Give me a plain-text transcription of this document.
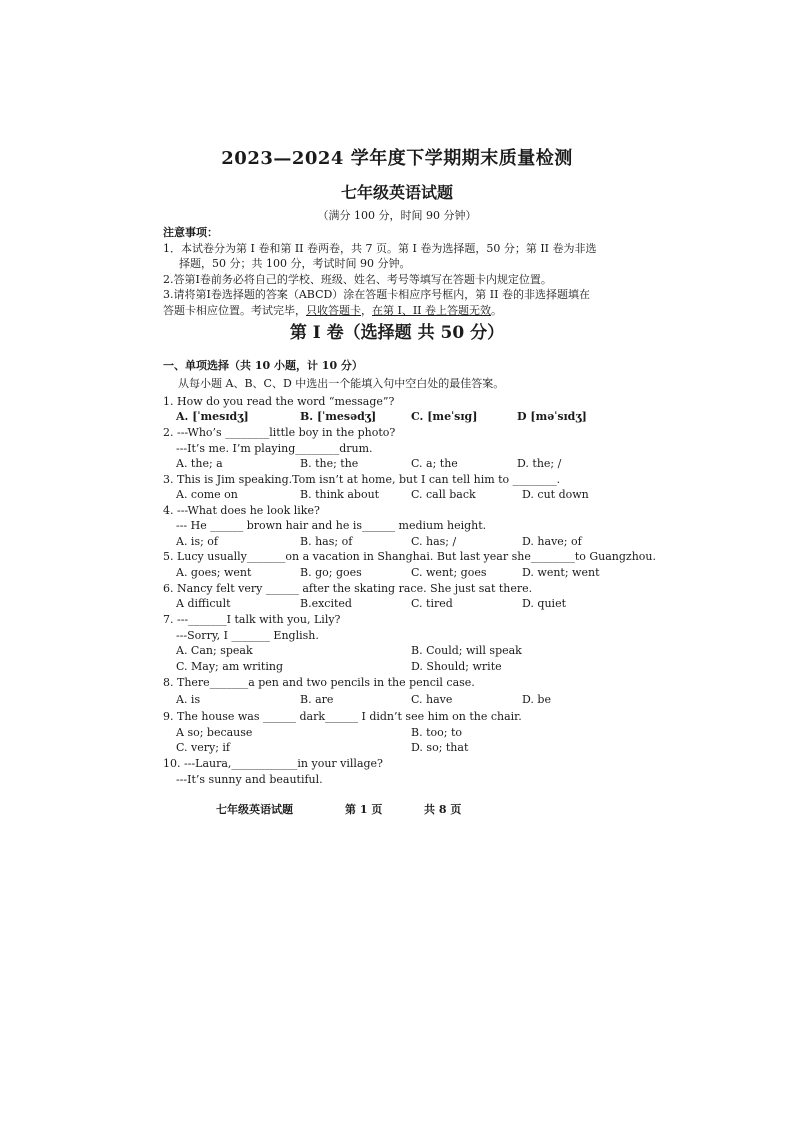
2023—2024 学年度下学期期末质量检测
七年级英语试题
（满分 100 分，时间 90 分钟）
注意事项：
1．本试卷分为第 I 卷和第 II 卷两卷，共 7 页。第 I 卷为选择题，50 分；第 II 卷为非选
择题，50 分；共 100 分，考试时间 90 分钟。
2.答第I卷前务必将自己的学校、班级、姓名、考号等填写在答题卡内规定位置。
3.请将第I卷选择题的答案（ABCD）涂在答题卡相应序号框内，第 II 卷的非选择题填在
答题卡相应位置。考试完毕，只收答题卡，在第 I、II 卷上答题无效。
第 I 卷（选择题 共 50 分）
一、单项选择（共 10 小题，计 10 分）
从每小题 A、B、C、D 中选出一个能填入句中空白处的最佳答案。
1. How do you read the word “message”?
A. [ˈmesɪdʒ]	B. [ˈmesədʒ]	C. [meˈsɪɡ]	D [məˈsɪdʒ]
2. ---Who’s ________little boy in the photo?
---It’s me. I’m playing________drum.
A. the; a	B. the; the	C. a; the	D. the; /
3. This is Jim speaking.Tom isn’t at home, but I can tell him to ________.
A. come on	B. think about	C. call back	D. cut down
4. ---What does he look like?
--- He ______ brown hair and he is______ medium height.
A. is; of	B. has; of	C. has; /	D. have; of
5. Lucy usually_______on a vacation in Shanghai. But last year she________to Guangzhou.
A. goes; went	B. go; goes	C. went; goes	D. went; went
6. Nancy felt very ______ after the skating race. She just sat there.
A difficult	B.excited	C. tired	D. quiet
7. ---_______I talk with you, Lily?
---Sorry, I _______ English.
A. Can; speak	B. Could; will speak
C. May; am writing	D. Should; write
8. There_______a pen and two pencils in the pencil case.
A. is	B. are	C. have	D. be
9. The house was ______ dark______ I didn’t see him on the chair.
A so; because	B. too; to
C. very; if	D. so; that
10. ---Laura,____________in your village?
---It’s sunny and beautiful.
七年级英语试题	第 1 页	共 8 页
